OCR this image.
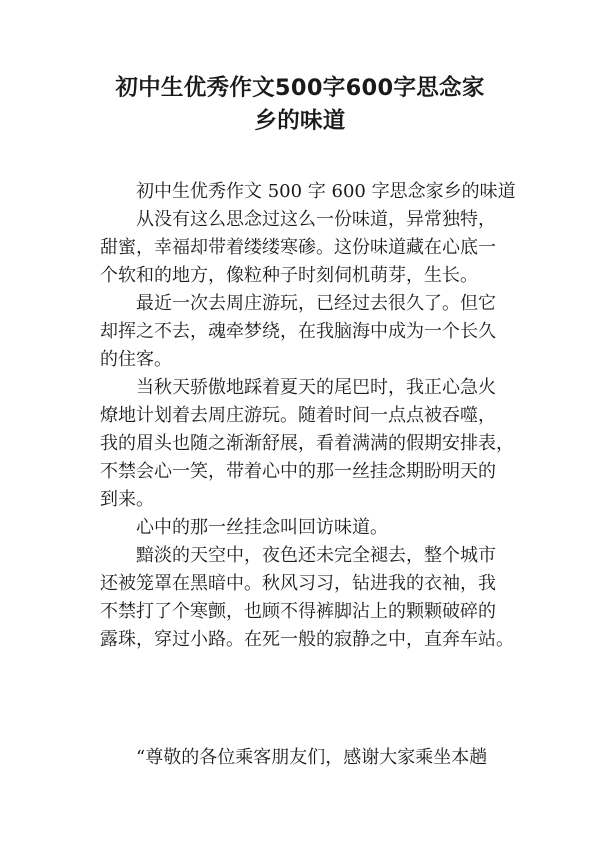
初中生优秀作文500字600字思念家
乡的味道
初中生优秀作文 500 字 600 字思念家乡的味道
从没有这么思念过这么一份味道，异常独特，
甜蜜，幸福却带着缕缕寒碜。这份味道藏在心底一
个软和的地方，像粒种子时刻伺机萌芽，生长。
最近一次去周庄游玩，已经过去很久了。但它
却挥之不去，魂牵梦绕，在我脑海中成为一个长久
的住客。
当秋天骄傲地踩着夏天的尾巴时，我正心急火
燎地计划着去周庄游玩。随着时间一点点被吞噬，
我的眉头也随之渐渐舒展，看着满满的假期安排表，
不禁会心一笑，带着心中的那一丝挂念期盼明天的
到来。
心中的那一丝挂念叫回访味道。
黯淡的天空中，夜色还未完全褪去，整个城市
还被笼罩在黑暗中。秋风习习，钻进我的衣袖，我
不禁打了个寒颤，也顾不得裤脚沾上的颗颗破碎的
露珠，穿过小路。在死一般的寂静之中，直奔车站。
“尊敬的各位乘客朋友们，感谢大家乘坐本趟
